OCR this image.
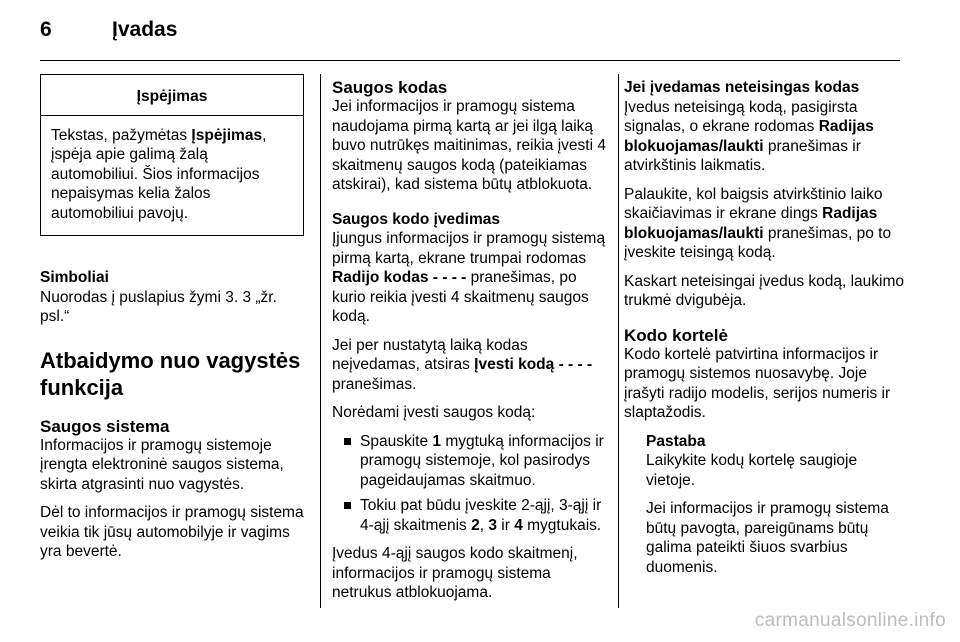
6	Įvadas
Įspėjimas
Tekstas, pažymėtas Įspėjimas, įspėja apie galimą žalą automobiliui. Šios informacijos nepaisymas kelia žalos automobiliui pavojų.
Simboliai

Nuorodas į puslapius žymi 3. 3 „žr. psl.“

Atbaidymo nuo vagystės funkcija
Saugos sistema

Informacijos ir pramogų sistemoje įrengta elektroninė saugos sistema, skirta atgrasinti nuo vagystės.

Dėl to informacijos ir pramogų sistema veikia tik jūsų automobilyje ir vagims yra bevertė.

Saugos kodas

Jei informacijos ir pramogų sistema naudojama pirmą kartą ar jei ilgą laiką buvo nutrūkęs maitinimas, reikia įvesti 4 skaitmenų saugos kodą (pateikiamas atskirai), kad sistema būtų atblokuota.

Saugos kodo įvedimas

Įjungus informacijos ir pramogų sistemą pirmą kartą, ekrane trumpai rodomas Radijo kodas - - - - pranešimas, po kurio reikia įvesti 4 skaitmenų saugos kodą.

Jei per nustatytą laiką kodas neįvedamas, atsiras Įvesti kodą - - - - pranešimas.

Norėdami įvesti saugos kodą:

Spauskite 1 mygtuką informacijos ir pramogų sistemoje, kol pasirodys pageidaujamas skaitmuo.
Tokiu pat būdu įveskite 2-ąjį, 3-ąjį ir 4-ąjį skaitmenis 2, 3 ir 4 mygtukais.

Įvedus 4-ąjį saugos kodo skaitmenį, informacijos ir pramogų sistema netrukus atblokuojama.

Jei įvedamas neteisingas kodas

Įvedus neteisingą kodą, pasigirsta signalas, o ekrane rodomas Radijas blokuojamas/laukti pranešimas ir atvirkštinis laikmatis.

Palaukite, kol baigsis atvirkštinio laiko skaičiavimas ir ekrane dings Radijas blokuojamas/laukti pranešimas, po to įveskite teisingą kodą.

Kaskart neteisingai įvedus kodą, laukimo trukmė dvigubėja.

Kodo kortelė

Kodo kortelė patvirtina informacijos ir pramogų sistemos nuosavybę. Joje įrašyti radijo modelis, serijos numeris ir slaptažodis.

Pastaba

Laikykite kodų kortelę saugioje vietoje.

Jei informacijos ir pramogų sistema būtų pavogta, pareigūnams būtų galima pateikti šiuos svarbius duomenis.

carmanualsonline.info
